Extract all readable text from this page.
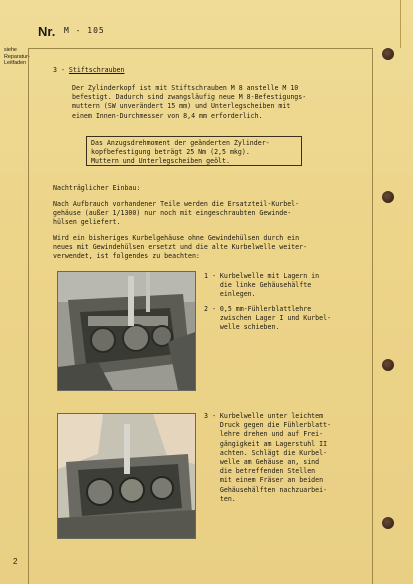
Nr. M - 105
siehe Reparatur-Leitfaden
3 - Stiftschrauben
Der Zylinderkopf ist mit Stiftschrauben M 8 anstelle M 10
befestigt. Dadurch sind zwangsläufig neue M 8-Befestigungs-
muttern (SW unverändert 15 mm) und Unterlegscheiben mit
einem Innen-Durchmesser von 8,4 mm erforderlich.
Das Anzugsdrehmoment der geänderten Zylinder-
kopfbefestigung beträgt 25 Nm (2,5 mkg).
Muttern und Unterlegscheiben geölt.
Nachträglicher Einbau:
Nach Aufbrauch vorhandener Teile werden die Ersatzteil-Kurbel-
gehäuse (außer 1/1300) nur noch mit eingeschraubten Gewinde-
hülsen geliefert.
Wird ein bisheriges Kurbelgehäuse ohne Gewindehülsen durch ein
neues mit Gewindehülsen ersetzt und die alte Kurbelwelle weiter-
verwendet, ist folgendes zu beachten:
1 - Kurbelwelle mit Lagern in
die linke Gehäusehälfte
einlegen.
2 - 0,5 mm-Fühlerblattlehre
zwischen Lager I und Kurbel-
welle schieben.
3 - Kurbelwelle unter leichtem
Druck gegen die Fühlerblatt-
lehre drehen und auf Frei-
gängigkeit am Lagerstuhl II
achten. Schlägt die Kurbel-
welle am Gehäuse an, sind
die betreffenden Stellen
mit einem Fräser an beiden
Gehäusehälften nachzuarbei-
ten.
2
